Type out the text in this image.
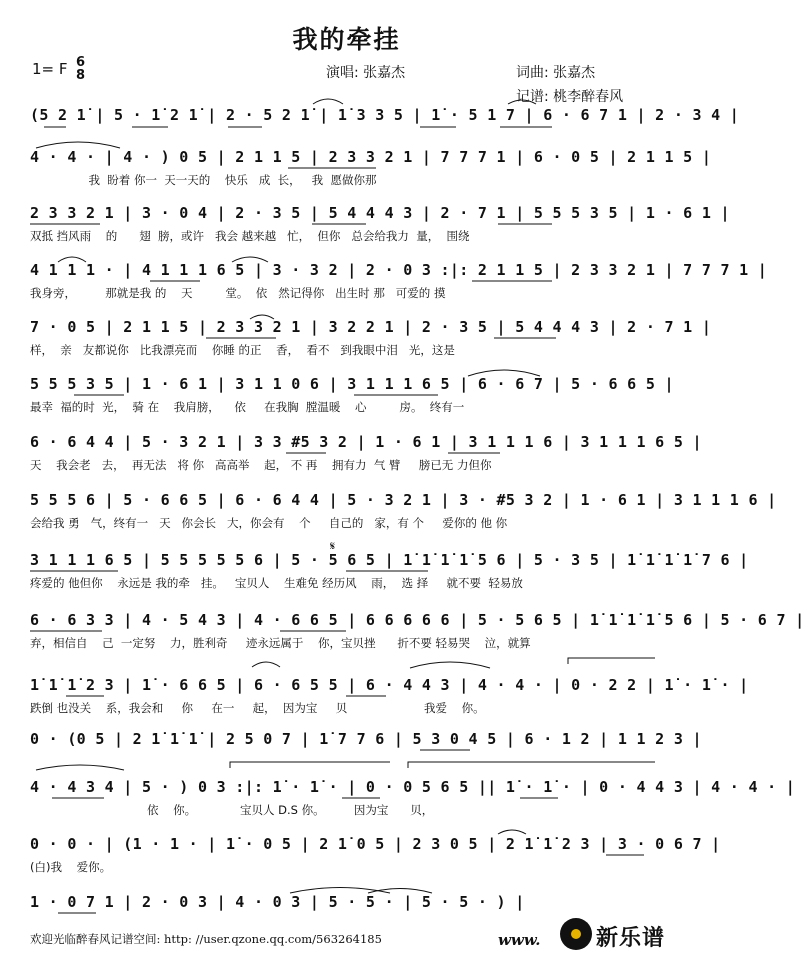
我的牵挂
1= F 6
8	演唱: 张嘉杰	词曲: 张嘉杰
记谱: 桃李醉春风
(5 2 1̇ | 5 · 1̇ 2 1̇ | 2 · 5 2 1̇ | 1̇ 3 3 5 | 1̇ · 5 1 7 | 6 · 6 7 1 | 2 · 3 4 |
4 · 4 · | 4 · ) 0 5 | 2 1 1 5 | 2 3 3 2 1 | 7 7 7 1 | 6 · 0 5 | 2 1 1 5 |
我  盼着 你一  天一天的    快乐   成  长，   我  愿做你那
2 3 3 2 1 | 3 · 0 4 | 2 · 3 5 | 5 4 4 4 3 | 2 · 7 1 | 5 5 5 3 5 | 1 · 6 1 |
双抵 挡风雨    的      翅  膀，或许   我会 越来越   忙，  但你   总会给我力  量，  围绕
4 1 1 1 · | 4 1 1 1 6 5 | 3 · 3 2 | 2 · 0 3 :|: 2 1 1 5 | 2 3 3 2 1 | 7 7 7 1 |
我身旁，        那就是我 的    天         堂。  依   然记得你   出生时 那   可爱的 摸
7 · 0 5 | 2 1 1 5 | 2 3 3 2 1 | 3 2 2 1 | 2 · 3 5 | 5 4 4 4 3 | 2 · 7 1 |
样，  亲   友都说你   比我漂亮而    你睡 的正    香，  看不   到我眼中泪   光，这是
5 5 5 3 5 | 1 · 6 1 | 3 1 1 0 6 | 3 1 1 1 6 5 | 6 · 6 7 | 5 · 6 6 5 |
最幸  福的时  光，  骑 在    我肩膀，    依     在我胸  膛温暖    心         房。  终有一
6 · 6 4 4 | 5 · 3 2 1 | 3 3 #5 3 2 | 1 · 6 1 | 3 1 1 1 6 | 3 1 1 1 6 5 |
天    我会老   去，  再无法   将 你   高高举    起， 不 再    拥有力  气 臂     膀已无 力但你
5 5 5 6 | 5 · 6 6 5 | 6 · 6 4 4 | 5 · 3 2 1 | 3 · #5 3 2 | 1 · 6 1 | 3 1 1 1 6 |
会给我 勇   气，终有一   天   你会长   大，你会有    个     自己的   家，有 个     爱你的 他 你
3 1 1 1 6 5 | 5 5 5 5 5 6 | 5 · 5 6 5 | 1̇ 1̇ 1̇ 1̇ 5 6 | 5 · 3 5 | 1̇ 1̇ 1̇ 1̇ 7 6 |
疼爱的 他但你    永远是 我的牵   挂。   宝贝人    生难免 经历风    雨，  选 择     就不要  轻易放
6 · 6 3 3 | 4 · 5 4 3 | 4 · 6 6 5 | 6 6 6 6 6 | 5 · 5 6 5 | 1̇ 1̇ 1̇ 1̇ 5 6 | 5 · 6 7 |
弃，相信自    己  一定努    力，胜利奇     迹永远属于    你，宝贝挫      折不要 轻易哭    泣，就算
1̇ 1̇ 1̇ 2 3 | 1̇ · 6 6 5 | 6 · 6 5 5 | 6 · 4 4 3 | 4 · 4 · | 0 · 2 2 | 1̇ · 1̇ · |
跌倒 也没关    系，我会和     你     在一     起，  因为宝     贝                     我爱    你。
0 · (0 5 | 2 1̇ 1̇ 1̇ | 2 5 0 7 | 1̇ 7 7 6 | 5 3 0 4 5 | 6 · 1 2 | 1 1 2 3 |
4 · 4 3 4 | 5 · ) 0 3 :|: 1̇ · 1̇ · | 0 · 0 5 6 5 || 1̇ · 1̇ · | 0 · 4 4 3 | 4 · 4 · |
依    你。            宝贝人 D.S 你。        因为宝      贝，
0 · 0 · | (1 · 1 · | 1̇ · 0 5 | 2 1̇ 0 5 | 2 3 0 5 | 2 1̇ 1̇ 2 3 | 3 · 0 6 7 |
(白)我    爱你。
1 · 0 7 1 | 2 · 0 3 | 4 · 0 3 | 5 · 5 · | 5 · 5 · ) |
𝄋
欢迎光临醉春风记谱空间: http: //user.qzone.qq.com/563264185	www.	新乐谱
